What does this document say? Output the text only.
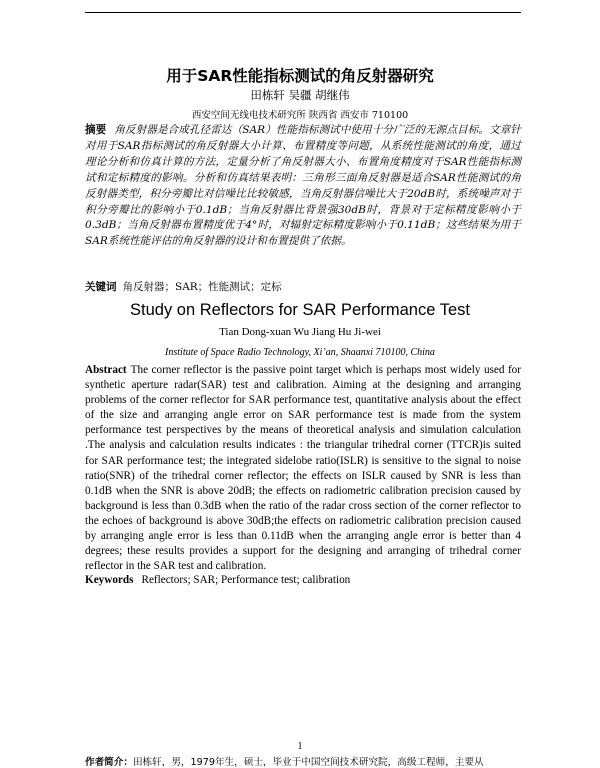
用于SAR性能指标测试的角反射器研究
田栋轩 吴疆 胡继伟
西安空间无线电技术研究所 陕西省 西安市 710100
摘要 角反射器是合成孔径雷达（SAR）性能指标测试中使用十分广泛的无源点目标。文章针对用于SAR指标测试的角反射器大小计算、布置精度等问题，从系统性能测试的角度，通过理论分析和仿真计算的方法，定量分析了角反射器大小、布置角度精度对于SAR性能指标测试和定标精度的影响。分析和仿真结果表明：三角形三面角反射器是适合SAR性能测试的角反射器类型，积分旁瓣比对信噪比比较敏感，当角反射器信噪比大于20dB时，系统噪声对于积分旁瓣比的影响小于0.1dB；当角反射器比背景强30dB时，背景对于定标精度影响小于0.3dB；当角反射器布置精度优于4°时，对辐射定标精度影响小于0.11dB；这些结果为用于SAR系统性能评估的角反射器的设计和布置提供了依据。
关键词 角反射器；SAR；性能测试；定标
Study on Reflectors for SAR Performance Test
Tian Dong-xuan Wu Jiang Hu Ji-wei
Institute of Space Radio Technology, Xi’an, Shaanxi 710100, China
Abstract The corner reflector is the passive point target which is perhaps most widely used for synthetic aperture radar(SAR) test and calibration. Aiming at the designing and arranging problems of the corner reflector for SAR performance test, quantitative analysis about the effect of the size and arranging angle error on SAR performance test is made from the system performance test perspectives by the means of theoretical analysis and simulation calculation .The analysis and calculation results indicates : the triangular trihedral corner (TTCR)is suited for SAR performance test; the integrated sidelobe ratio(ISLR) is sensitive to the signal to noise ratio(SNR) of the trihedral corner reflector; the effects on ISLR caused by SNR is less than 0.1dB when the SNR is above 20dB; the effects on radiometric calibration precision caused by background is less than 0.3dB when the ratio of the radar cross section of the corner reflector to the echoes of background is above 30dB;the effects on radiometric calibration precision caused by arranging angle error is less than 0.11dB when the arranging angle error is better than 4 degrees; these results provides a support for the designing and arranging of trihedral corner reflector in the SAR test and calibration.
Keywords Reflectors; SAR; Performance test; calibration
1
作者简介：田栋轩，男，1979年生，硕士，毕业于中国空间技术研究院，高级工程师，主要从
